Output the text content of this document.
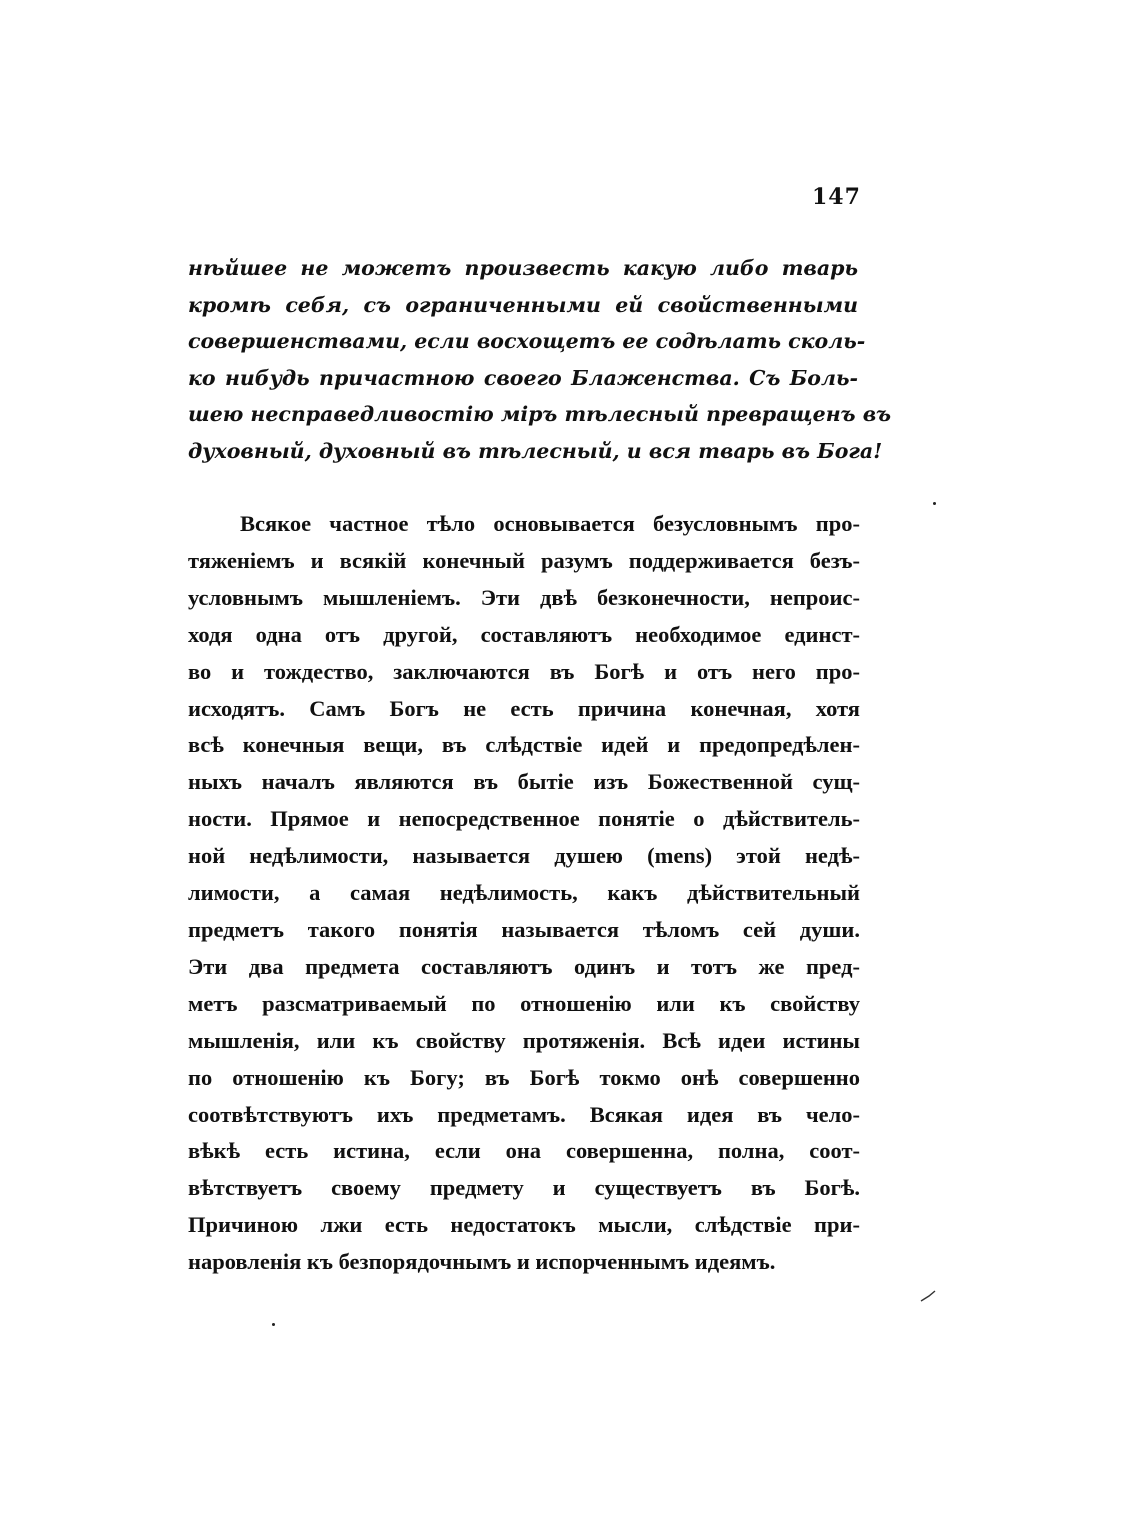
147
нѣйшее не можетъ произвесть какую либо тварь
кромѣ себя, съ ограниченными ей свойственными
совершенствами, если восхощетъ ее содѣлать сколь-
ко нибудь причастною своего Блаженства. Съ Боль-
шею несправедливостію міръ тѣлесный превращенъ въ
духовный, духовный въ тѣлесный, и вся тварь въ Бога!
Всякое частное тѣло основывается безусловнымъ про-
тяженіемъ и всякій конечный разумъ поддерживается безъ-
условнымъ мышленіемъ. Эти двѣ безконечности, непроис-
ходя одна отъ другой, составляютъ необходимое единст-
во и тождество, заключаются въ Богѣ и отъ него про-
исходятъ. Самъ Богъ не есть причина конечная, хотя
всѣ конечныя вещи, въ слѣдствіе идей и предопредѣлен-
ныхъ началъ являются въ бытіе изъ Божественной сущ-
ности. Прямое и непосредственное понятіе о дѣйствитель-
ной недѣлимости, называется душею (mens) этой недѣ-
лимости, а самая недѣлимость, какъ дѣйствительный
предметъ такого понятія называется тѣломъ сей души.
Эти два предмета составляютъ одинъ и тотъ же пред-
метъ разсматриваемый по отношенію или къ свойству
мышленія, или къ свойству протяженія. Всѣ идеи истины
по отношенію къ Богу; въ Богѣ токмо онѣ совершенно
соотвѣтствуютъ ихъ предметамъ. Всякая идея въ чело-
вѣкѣ есть истина, если она совершенна, полна, соот-
вѣтствуетъ своему предмету и существуетъ въ Богѣ.
Причиною лжи есть недостатокъ мысли, слѣдствіе при-
наровленія къ безпорядочнымъ и испорченнымъ идеямъ.
